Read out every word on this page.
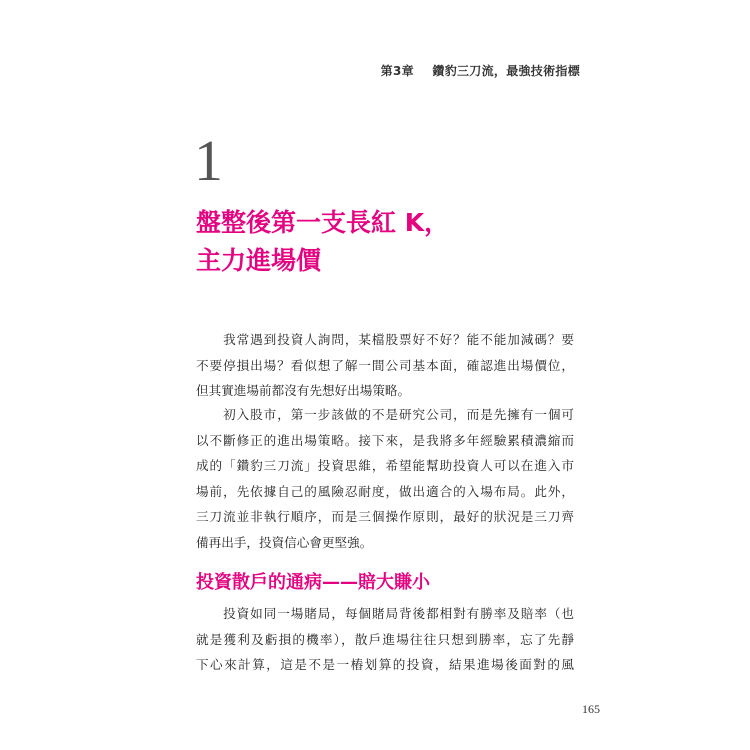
第3章 鑽豹三刀流，最強技術指標
1
盤整後第一支長紅 K，
主力進場價
　　我常遇到投資人詢問，某檔股票好不好？能不能加減碼？要
不要停損出場？看似想了解一間公司基本面，確認進出場價位，
但其實進場前都沒有先想好出場策略。
　　初入股市，第一步該做的不是研究公司，而是先擁有一個可
以不斷修正的進出場策略。接下來，是我將多年經驗累積濃縮而
成的「鑽豹三刀流」投資思維，希望能幫助投資人可以在進入市
場前，先依據自己的風險忍耐度，做出適合的入場布局。此外，
三刀流並非執行順序，而是三個操作原則，最好的狀況是三刀齊
備再出手，投資信心會更堅強。
投資散戶的通病——賠大賺小
　　投資如同一場賭局，每個賭局背後都相對有勝率及賠率（也
就是獲利及虧損的機率），散戶進場往往只想到勝率，忘了先靜
下心來計算，這是不是一樁划算的投資，結果進場後面對的風
165
